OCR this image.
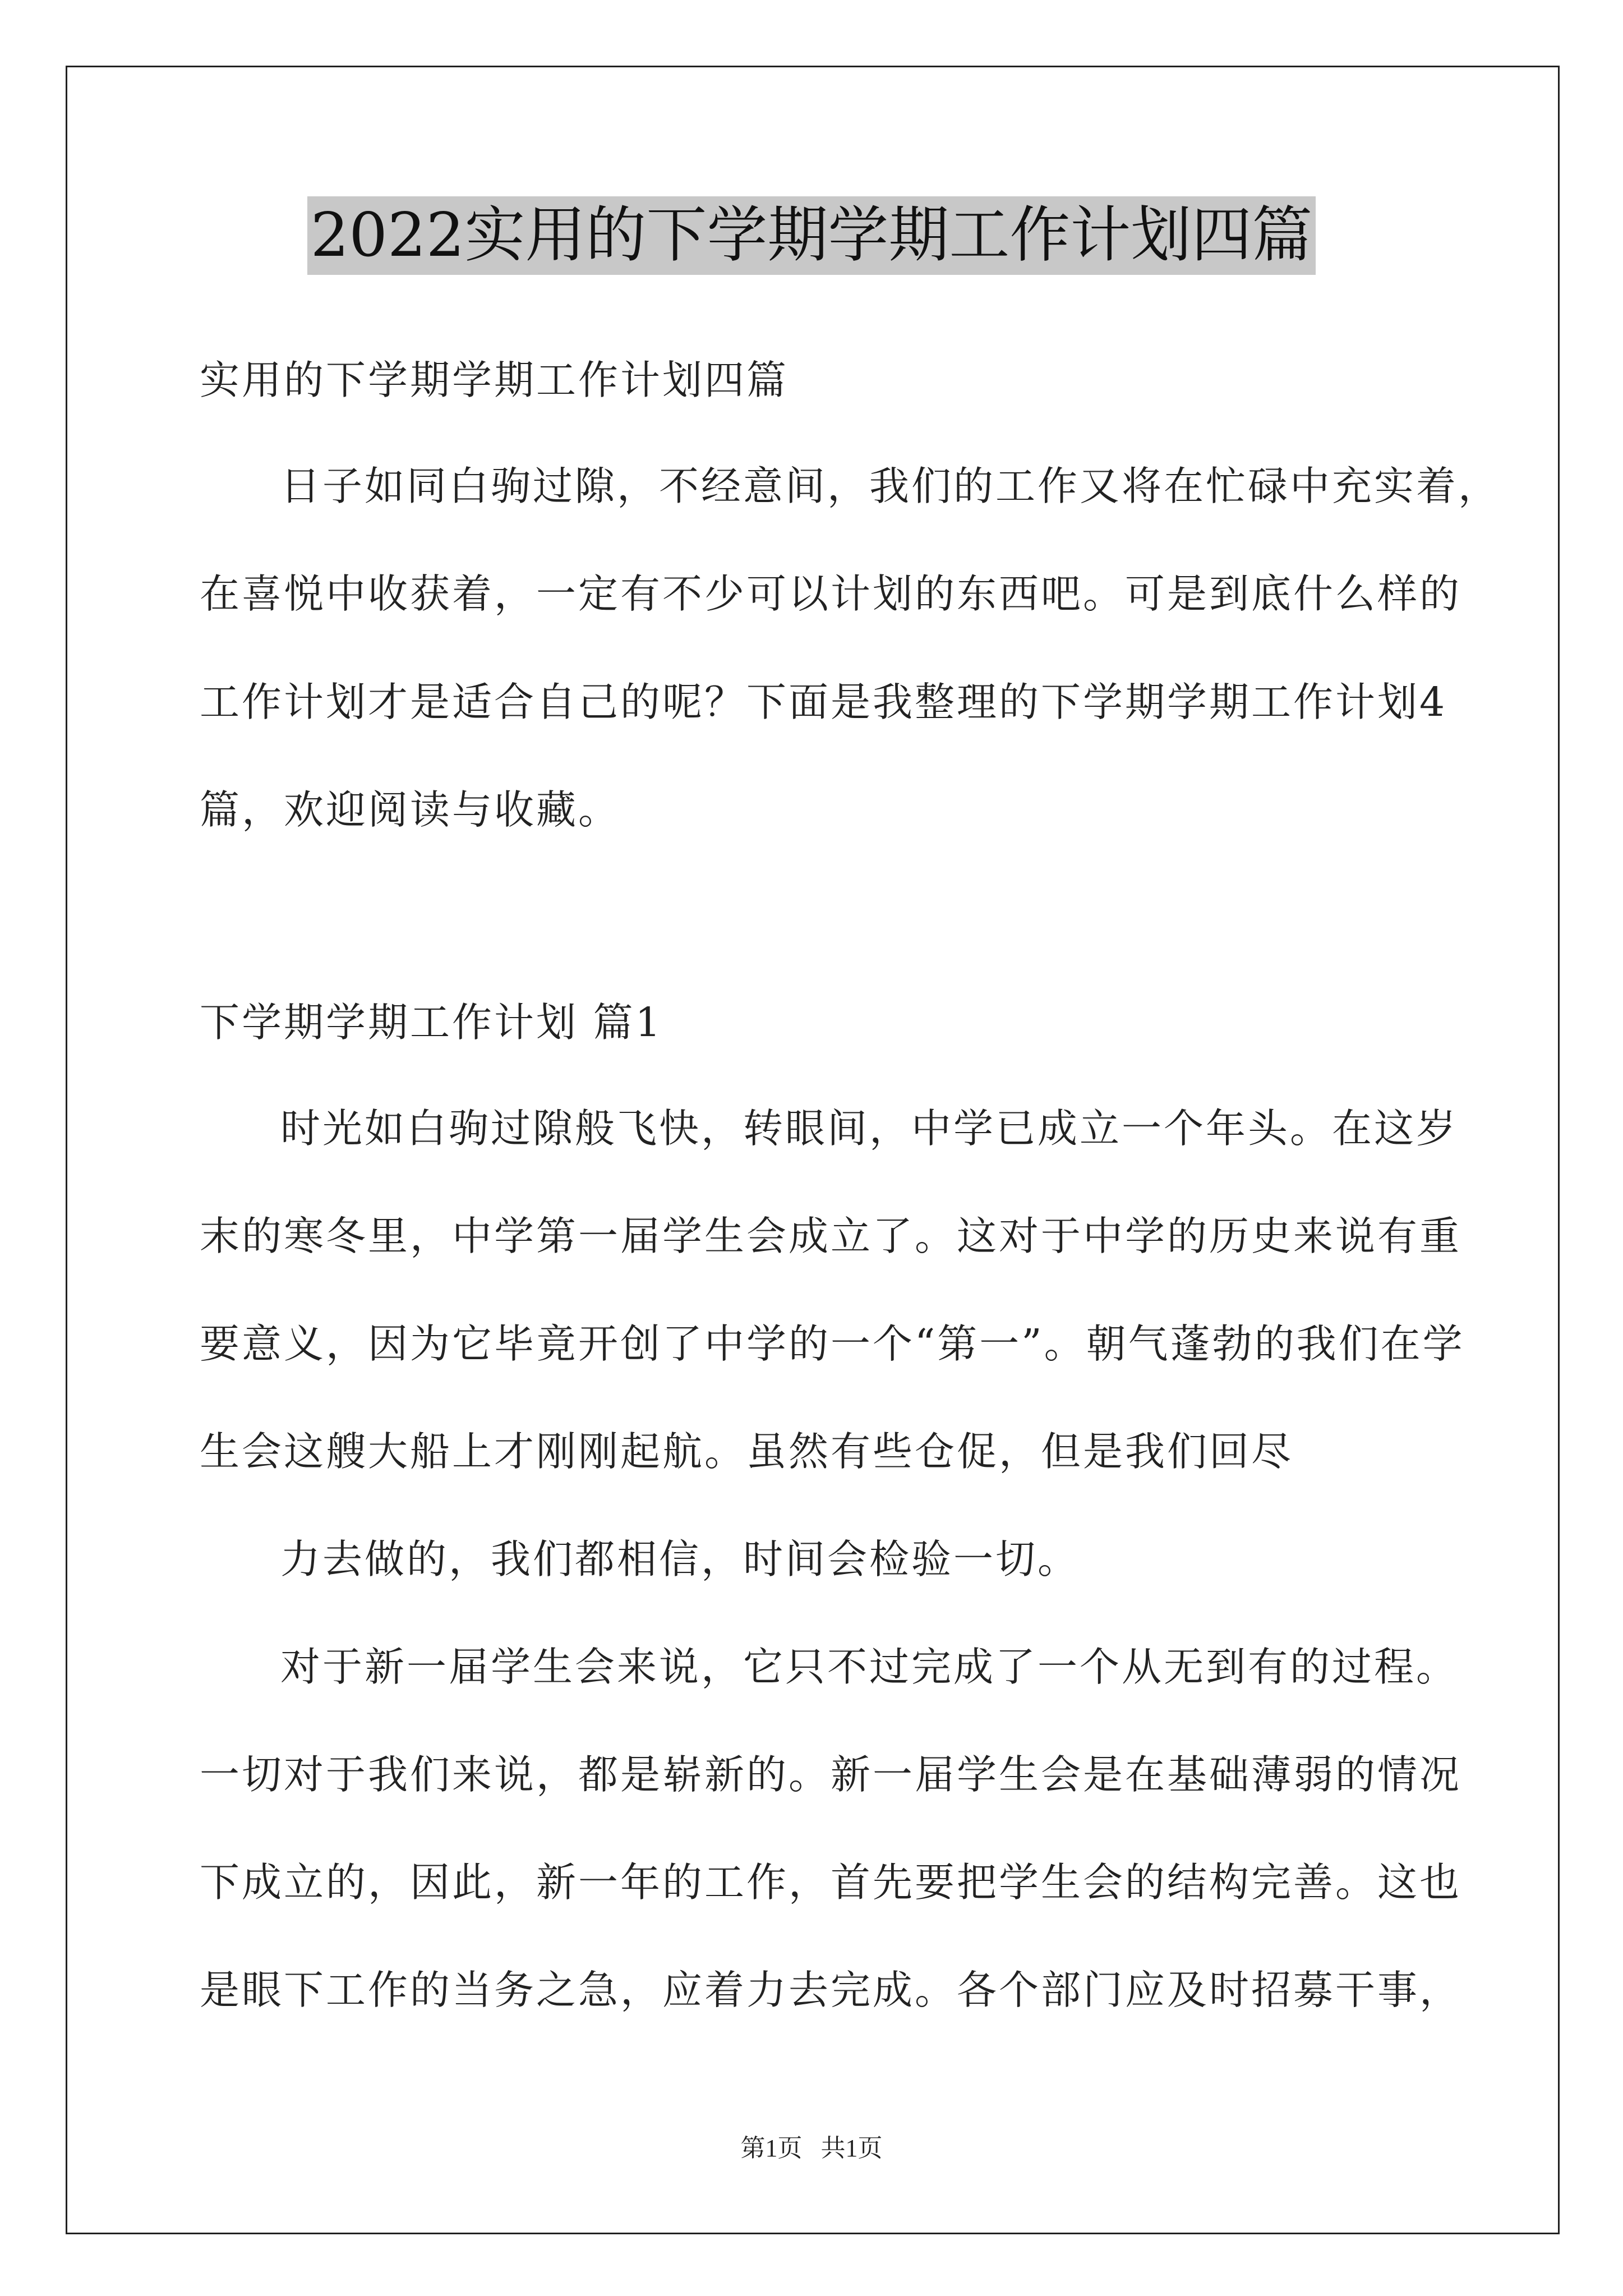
2022实用的下学期学期工作计划四篇
实用的下学期学期工作计划四篇
日子如同白驹过隙，不经意间，我们的工作又将在忙碌中充实着，
在喜悦中收获着，一定有不少可以计划的东西吧。可是到底什么样的
工作计划才是适合自己的呢？下面是我整理的下学期学期工作计划4
篇，欢迎阅读与收藏。
下学期学期工作计划 篇1
时光如白驹过隙般飞快，转眼间，中学已成立一个年头。在这岁
末的寒冬里，中学第一届学生会成立了。这对于中学的历史来说有重
要意义，因为它毕竟开创了中学的一个“第一”。朝气蓬勃的我们在学
生会这艘大船上才刚刚起航。虽然有些仓促，但是我们回尽
力去做的，我们都相信，时间会检验一切。
对于新一届学生会来说，它只不过完成了一个从无到有的过程。
一切对于我们来说，都是崭新的。新一届学生会是在基础薄弱的情况
下成立的，因此，新一年的工作，首先要把学生会的结构完善。这也
是眼下工作的当务之急，应着力去完成。各个部门应及时招募干事，
第1页   共1页
